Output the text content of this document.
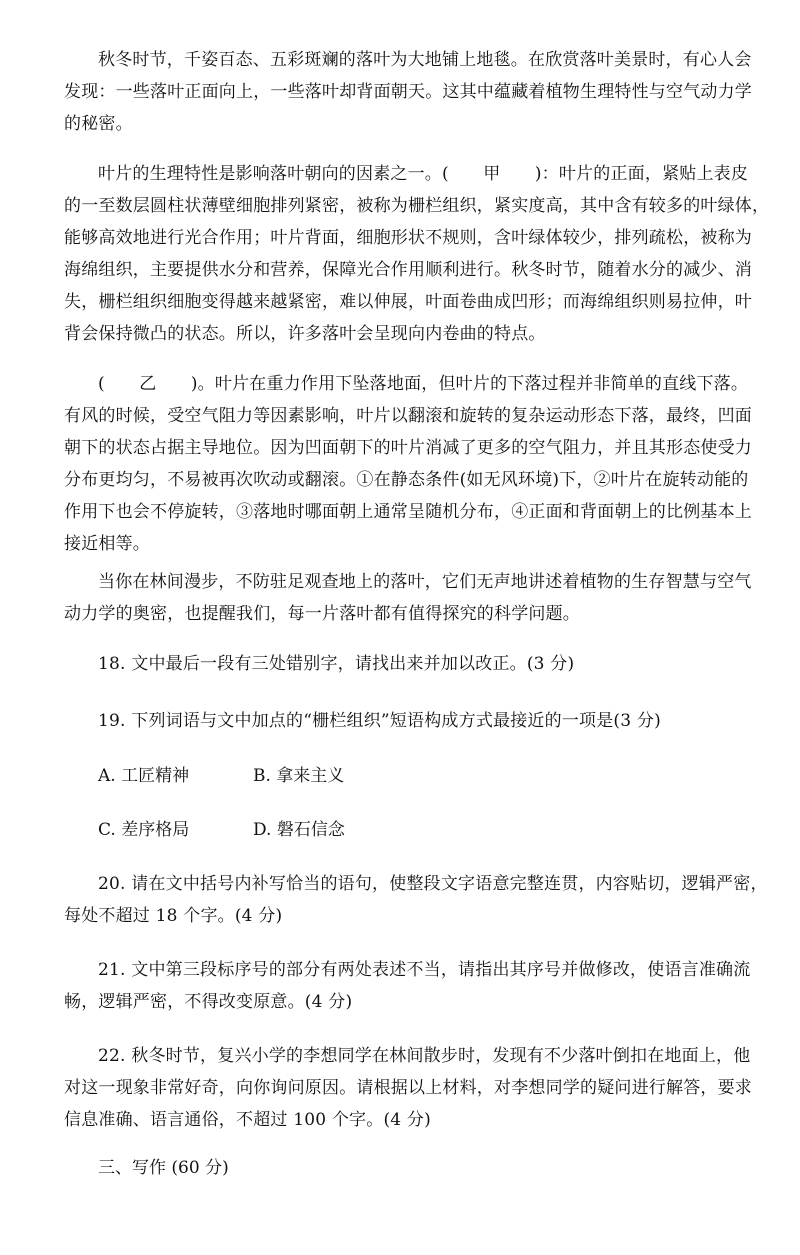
秋冬时节，千姿百态、五彩斑斓的落叶为大地铺上地毯。在欣赏落叶美景时，有心人会
发现：一些落叶正面向上，一些落叶却背面朝天。这其中蕴藏着植物生理特性与空气动力学
的秘密。

叶片的生理特性是影响落叶朝向的因素之一。(　　甲　　)：叶片的正面，紧贴上表皮
的一至数层圆柱状薄壁细胞排列紧密，被称为栅栏组织，紧实度高，其中含有较多的叶绿体，
能够高效地进行光合作用；叶片背面，细胞形状不规则，含叶绿体较少，排列疏松，被称为
海绵组织，主要提供水分和营养，保障光合作用顺利进行。秋冬时节，随着水分的减少、消
失，栅栏组织细胞变得越来越紧密，难以伸展，叶面卷曲成凹形；而海绵组织则易拉伸，叶
背会保持微凸的状态。所以，许多落叶会呈现向内卷曲的特点。

(　　乙　　)。叶片在重力作用下坠落地面，但叶片的下落过程并非简单的直线下落。
有风的时候，受空气阻力等因素影响，叶片以翻滚和旋转的复杂运动形态下落，最终，凹面
朝下的状态占据主导地位。因为凹面朝下的叶片消减了更多的空气阻力，并且其形态使受力
分布更均匀，不易被再次吹动或翻滚。①在静态条件(如无风环境)下，②叶片在旋转动能的
作用下也会不停旋转，③落地时哪面朝上通常呈随机分布，④正面和背面朝上的比例基本上
接近相等。

当你在林间漫步，不防驻足观查地上的落叶，它们无声地讲述着植物的生存智慧与空气
动力学的奥密，也提醒我们，每一片落叶都有值得探究的科学问题。

18. 文中最后一段有三处错别字，请找出来并加以改正。(3 分)

19. 下列词语与文中加点的“栅栏组织”短语构成方式最接近的一项是(3 分)

A. 工匠精神	B. 拿来主义

C. 差序格局	D. 磐石信念

20. 请在文中括号内补写恰当的语句，使整段文字语意完整连贯，内容贴切，逻辑严密，
每处不超过 18 个字。(4 分)

21. 文中第三段标序号的部分有两处表述不当，请指出其序号并做修改，使语言准确流
畅，逻辑严密，不得改变原意。(4 分)

22. 秋冬时节，复兴小学的李想同学在林间散步时，发现有不少落叶倒扣在地面上，他
对这一现象非常好奇，向你询问原因。请根据以上材料，对李想同学的疑问进行解答，要求
信息准确、语言通俗，不超过 100 个字。(4 分)

三、写作 (60 分)
